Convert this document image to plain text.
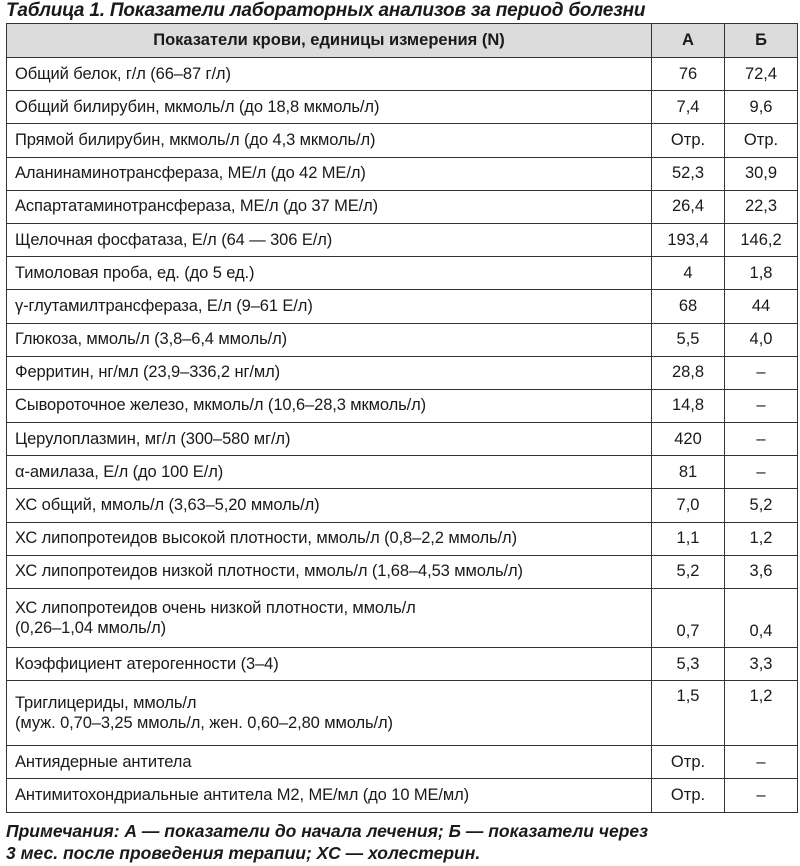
Таблица 1. Показатели лабораторных анализов за период болезни
Показатели крови, единицы измерения (N)	А	Б
Общий белок, г/л (66–87 г/л)	76	72,4
Общий билирубин, мкмоль/л (до 18,8 мкмоль/л)	7,4	9,6
Прямой билирубин, мкмоль/л (до 4,3 мкмоль/л)	Отр.	Отр.
Аланинаминотрансфераза, МЕ/л (до 42 МЕ/л)	52,3	30,9
Аспартатаминотрансфераза, МЕ/л (до 37 МЕ/л)	26,4	22,3
Щелочная фосфатаза, Е/л (64 — 306 Е/л)	193,4	146,2
Тимоловая проба, ед. (до 5 ед.)	4	1,8
γ-глутамилтрансфераза, Е/л (9–61 Е/л)	68	44
Глюкоза, ммоль/л (3,8–6,4 ммоль/л)	5,5	4,0
Ферритин, нг/мл (23,9–336,2 нг/мл)	28,8	–
Сывороточное железо, мкмоль/л (10,6–28,3 мкмоль/л)	14,8	–
Церулоплазмин, мг/л (300–580 мг/л)	420	–
α-амилаза, Е/л (до 100 Е/л)	81	–
ХС общий, ммоль/л (3,63–5,20 ммоль/л)	7,0	5,2
ХС липопротеидов высокой плотности, ммоль/л (0,8–2,2 ммоль/л)	1,1	1,2
ХС липопротеидов низкой плотности, ммоль/л (1,68–4,53 ммоль/л)	5,2	3,6
ХС липопротеидов очень низкой плотности, ммоль/л
(0,26–1,04 ммоль/л)	0,7	0,4
Коэффициент атерогенности (3–4)	5,3	3,3
Триглицериды, ммоль/л
(муж. 0,70–3,25 ммоль/л, жен. 0,60–2,80 ммоль/л)	1,5	1,2
Антиядерные антитела	Отр.	–
Антимитохондриальные антитела М2, МЕ/мл (до 10 МЕ/мл)	Отр.	–
Примечания: А — показатели до начала лечения; Б — показатели через
3 мес. после проведения терапии; ХС — холестерин.
